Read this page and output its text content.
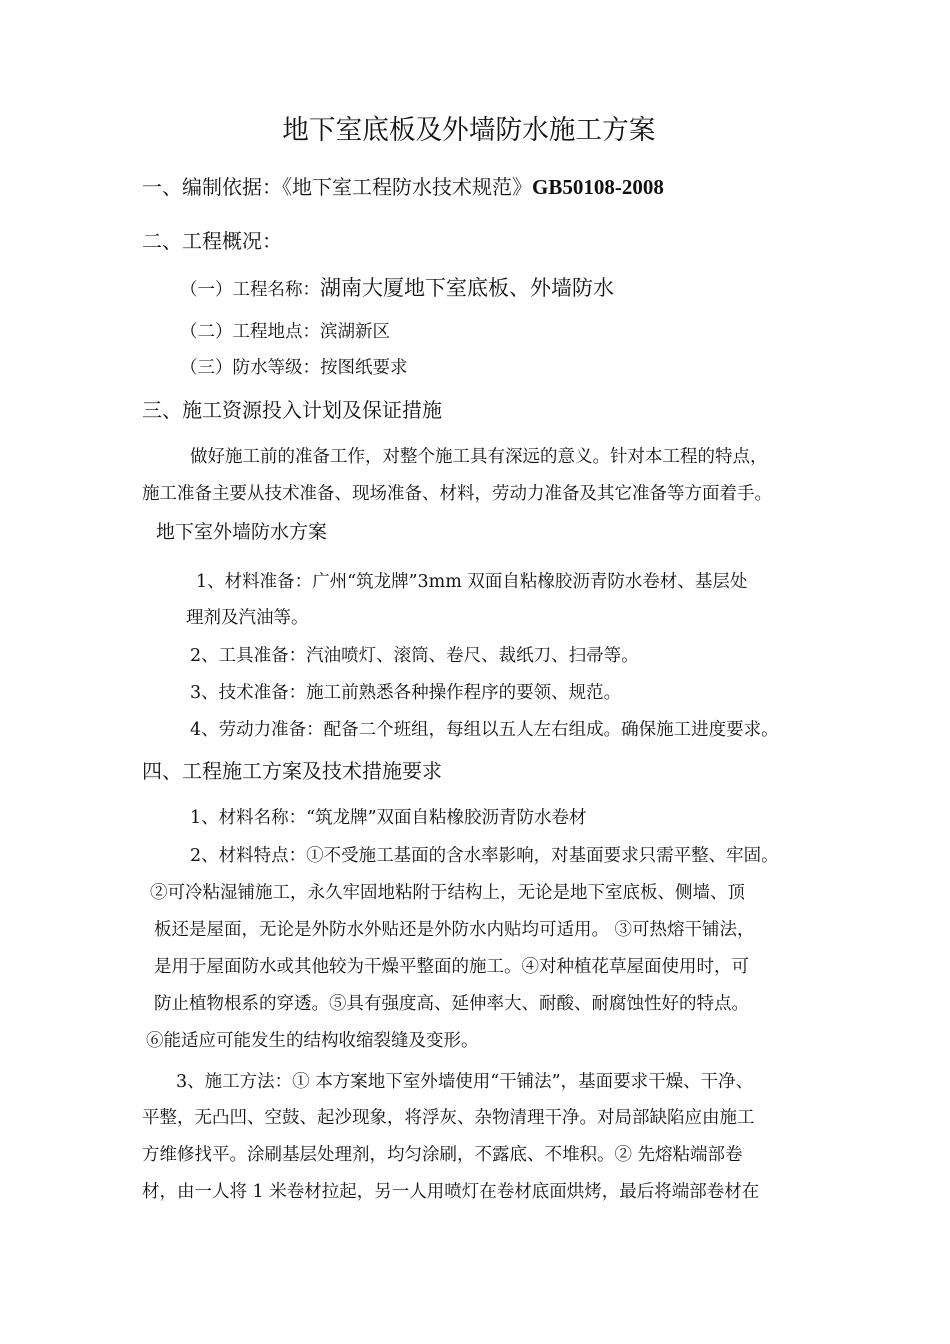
地下室底板及外墙防水施工方案
一、编制依据：《地下室工程防水技术规范》GB50108-2008
二、工程概况：
（一）工程名称：湖南大厦地下室底板、外墙防水
（二）工程地点：滨湖新区
（三）防水等级：按图纸要求
三、施工资源投入计划及保证措施
做好施工前的准备工作，对整个施工具有深远的意义。针对本工程的特点，
施工准备主要从技术准备、现场准备、材料，劳动力准备及其它准备等方面着手。
地下室外墙防水方案
1、材料准备：广州“筑龙牌”3mm 双面自粘橡胶沥青防水卷材、基层处
理剂及汽油等。
2、工具准备：汽油喷灯、滚筒、卷尺、裁纸刀、扫帚等。
3、技术准备：施工前熟悉各种操作程序的要领、规范。
4、劳动力准备：配备二个班组，每组以五人左右组成。确保施工进度要求。
四、工程施工方案及技术措施要求
1、材料名称：“筑龙牌”双面自粘橡胶沥青防水卷材
2、材料特点：①不受施工基面的含水率影响，对基面要求只需平整、牢固。
②可冷粘湿铺施工，永久牢固地粘附于结构上，无论是地下室底板、侧墙、顶
板还是屋面，无论是外防水外贴还是外防水内贴均可适用。 ③可热熔干铺法，
是用于屋面防水或其他较为干燥平整面的施工。④对种植花草屋面使用时，可
防止植物根系的穿透。⑤具有强度高、延伸率大、耐酸、耐腐蚀性好的特点。
⑥能适应可能发生的结构收缩裂缝及变形。
3、施工方法：① 本方案地下室外墙使用“干铺法”，基面要求干燥、干净、
平整，无凸凹、空鼓、起沙现象，将浮灰、杂物清理干净。对局部缺陷应由施工
方维修找平。涂刷基层处理剂，均匀涂刷，不露底、不堆积。② 先熔粘端部卷
材，由一人将 1 米卷材拉起，另一人用喷灯在卷材底面烘烤，最后将端部卷材在
